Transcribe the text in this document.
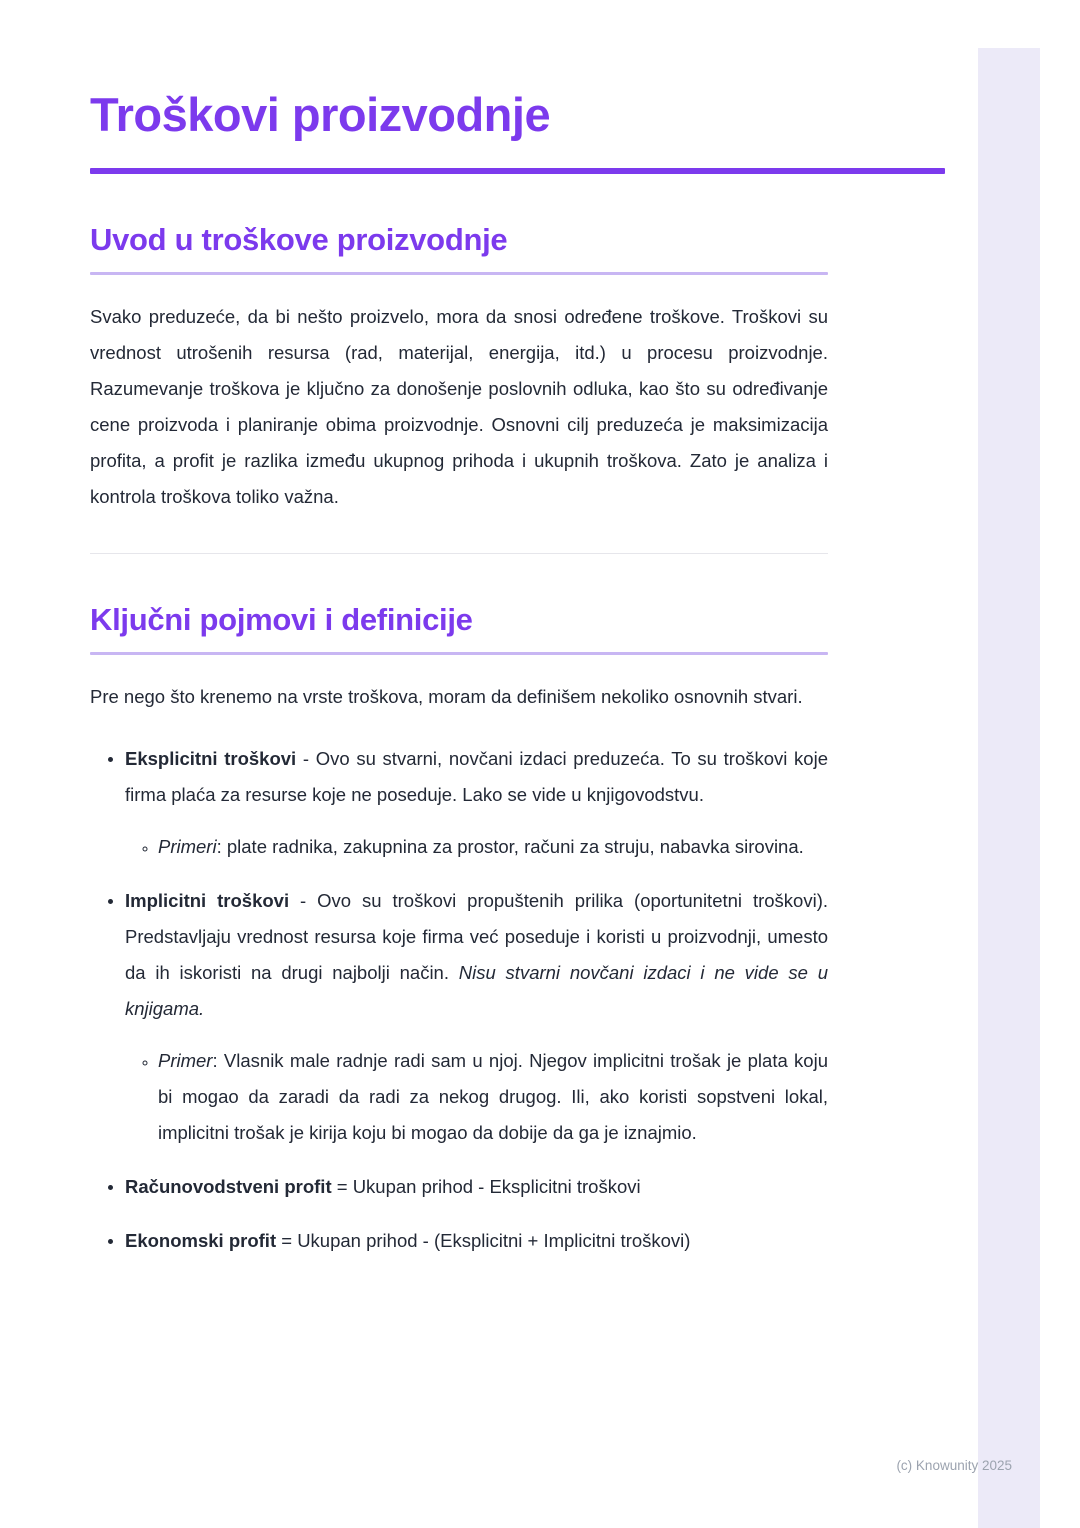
Troškovi proizvodnje
Uvod u troškove proizvodnje

Svako preduzeće, da bi nešto proizvelo, mora da snosi određene troškove. Troškovi su vrednost utrošenih resursa (rad, materijal, energija, itd.) u procesu proizvodnje. Razumevanje troškova je ključno za donošenje poslovnih odluka, kao što su određivanje cene proizvoda i planiranje obima proizvodnje. Osnovni cilj preduzeća je maksimizacija profita, a profit je razlika između ukupnog prihoda i ukupnih troškova. Zato je analiza i kontrola troškova toliko važna.

Ključni pojmovi i definicije

Pre nego što krenemo na vrste troškova, moram da definišem nekoliko osnovnih stvari.

• Eksplicitni troškovi - Ovo su stvarni, novčani izdaci preduzeća. To su troškovi koje firma plaća za resurse koje ne poseduje. Lako se vide u knjigovodstvu.
◦ Primeri: plate radnika, zakupnina za prostor, računi za struju, nabavka sirovina.
• Implicitni troškovi - Ovo su troškovi propuštenih prilika (oportunitetni troškovi). Predstavljaju vrednost resursa koje firma već poseduje i koristi u proizvodnji, umesto da ih iskoristi na drugi najbolji način. Nisu stvarni novčani izdaci i ne vide se u knjigama.
◦ Primer: Vlasnik male radnje radi sam u njoj. Njegov implicitni trošak je plata koju bi mogao da zaradi da radi za nekog drugog. Ili, ako koristi sopstveni lokal, implicitni trošak je kirija koju bi mogao da dobije da ga je iznajmio.
• Računovodstveni profit = Ukupan prihod - Eksplicitni troškovi
• Ekonomski profit = Ukupan prihod - (Eksplicitni + Implicitni troškovi)
(c) Knowunity 2025
